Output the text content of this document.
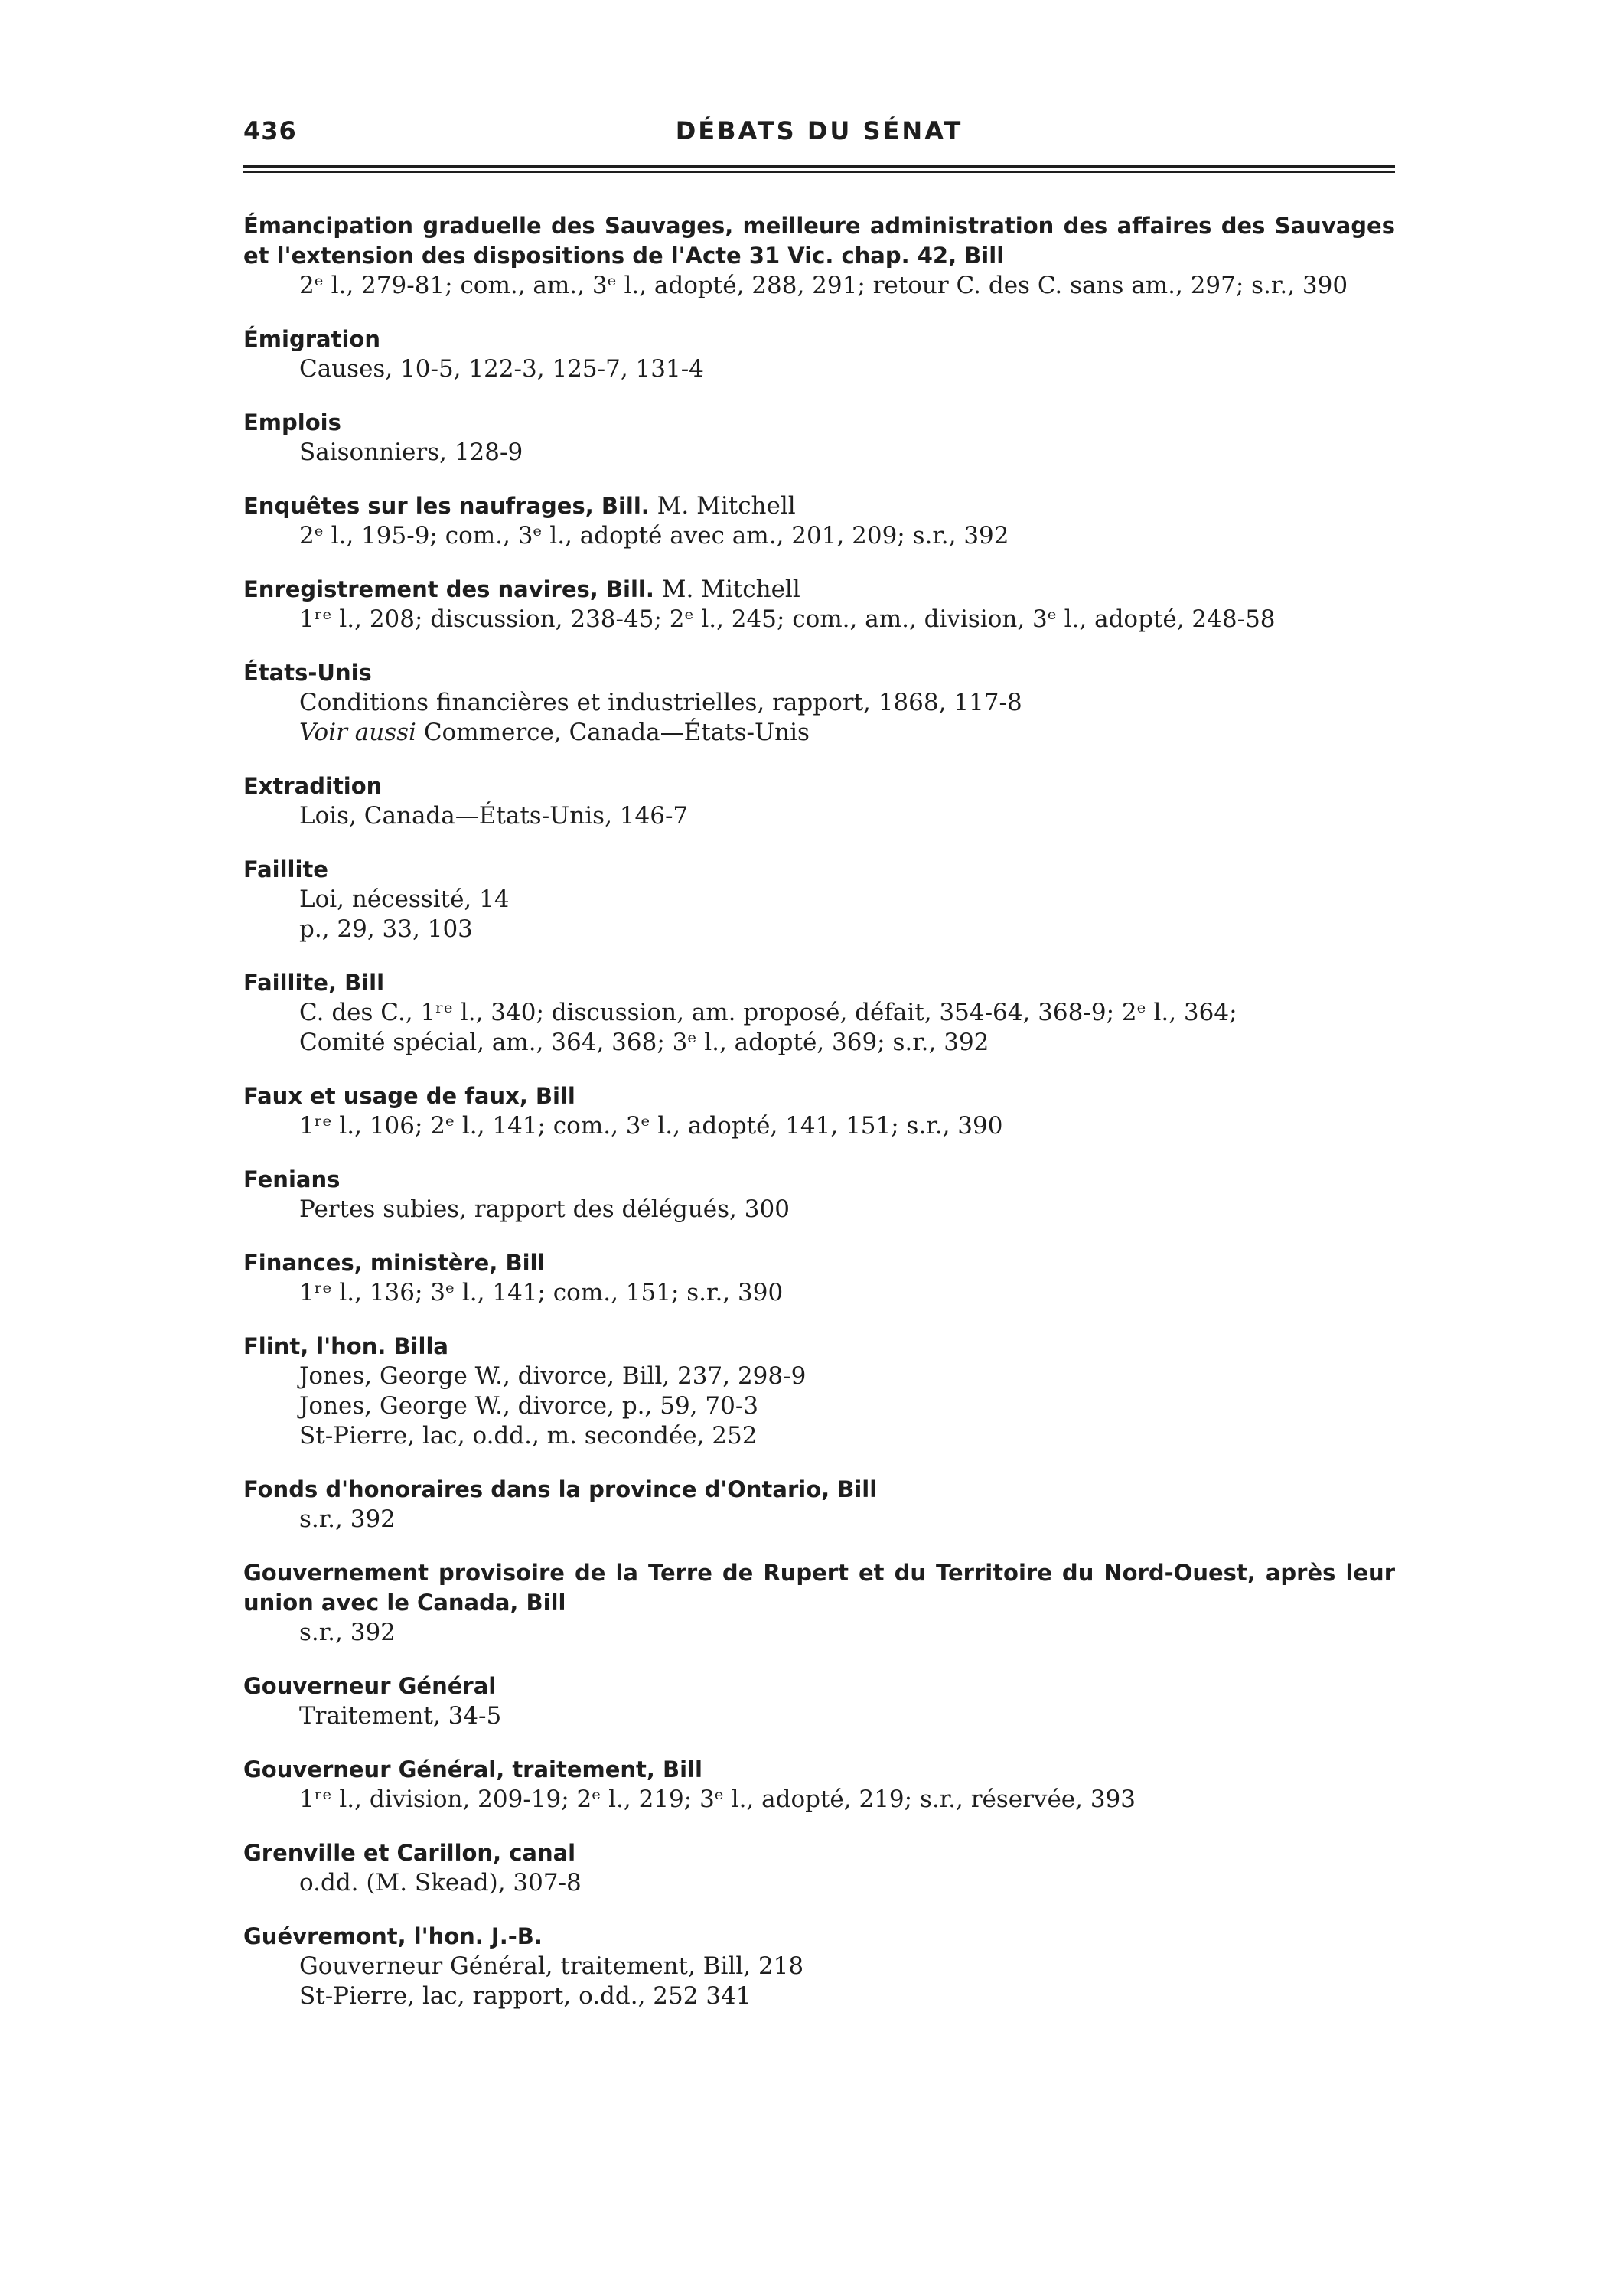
436	DÉBATS DU SÉNAT
Émancipation graduelle des Sauvages, meilleure administration des affaires des Sauvages et l'extension des dispositions de l'Acte 31 Vic. chap. 42, Bill
2ᵉ l., 279-81; com., am., 3ᵉ l., adopté, 288, 291; retour C. des C. sans am., 297; s.r., 390
Émigration
Causes, 10-5, 122-3, 125-7, 131-4
Emplois
Saisonniers, 128-9
Enquêtes sur les naufrages, Bill. M. Mitchell
2ᵉ l., 195-9; com., 3ᵉ l., adopté avec am., 201, 209; s.r., 392
Enregistrement des navires, Bill. M. Mitchell
1ʳᵉ l., 208; discussion, 238-45; 2ᵉ l., 245; com., am., division, 3ᵉ l., adopté, 248-58
États-Unis
Conditions financières et industrielles, rapport, 1868, 117-8
Voir aussi Commerce, Canada—États-Unis
Extradition
Lois, Canada—États-Unis, 146-7
Faillite
Loi, nécessité, 14
p., 29, 33, 103
Faillite, Bill
C. des C., 1ʳᵉ l., 340; discussion, am. proposé, défait, 354-64, 368-9; 2ᵉ l., 364;
Comité spécial, am., 364, 368; 3ᵉ l., adopté, 369; s.r., 392
Faux et usage de faux, Bill
1ʳᵉ l., 106; 2ᵉ l., 141; com., 3ᵉ l., adopté, 141, 151; s.r., 390
Fenians
Pertes subies, rapport des délégués, 300
Finances, ministère, Bill
1ʳᵉ l., 136; 3ᵉ l., 141; com., 151; s.r., 390
Flint, l'hon. Billa
Jones, George W., divorce, Bill, 237, 298-9
Jones, George W., divorce, p., 59, 70-3
St-Pierre, lac, o.dd., m. secondée, 252
Fonds d'honoraires dans la province d'Ontario, Bill
s.r., 392
Gouvernement provisoire de la Terre de Rupert et du Territoire du Nord-Ouest, après leur union avec le Canada, Bill
s.r., 392
Gouverneur Général
Traitement, 34-5
Gouverneur Général, traitement, Bill
1ʳᵉ l., division, 209-19; 2ᵉ l., 219; 3ᵉ l., adopté, 219; s.r., réservée, 393
Grenville et Carillon, canal
o.dd. (M. Skead), 307-8
Guévremont, l'hon. J.-B.
Gouverneur Général, traitement, Bill, 218
St-Pierre, lac, rapport, o.dd., 252 341
